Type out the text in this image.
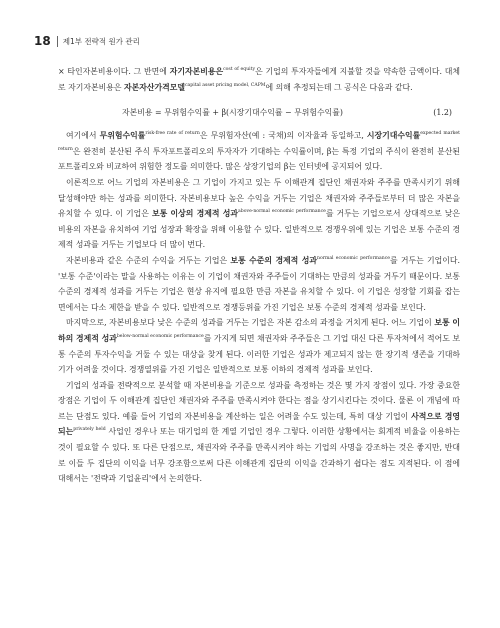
18 제1부 전략적 원가 관리

× 타인자본비용이다. 그 반면에 자기자본비용은$^{cost of equity}$은 기업의 투자자들에게 지불할 것을 약속한 금액이다. 대체로 자기자본비용은 자본자산가격모델$^{capital asset pricing model, CAPM}$에 의해 추정되는데 그 공식은 다음과 같다.

자본비용 = 무위험수익률 + β(시장기대수익률 − 무위험수익률)	(1.2)

여기에서 무위험수익률$^{risk-free rate of return}$은 무위험자산(예 : 국채)의 이자율과 동일하고, 시장기대수익률$^{expected market return}$은 완전히 분산된 주식 투자포트폴리오의 투자자가 기대하는 수익률이며, β는 특정 기업의 주식이 완전히 분산된 포트폴리오와 비교하여 위험한 정도를 의미한다. 많은 상장기업의 β는 인터넷에 공지되어 있다.

이론적으로 어느 기업의 자본비용은 그 기업이 가지고 있는 두 이해관계 집단인 채권자와 주주를 만족시키기 위해 달성해야만 하는 성과를 의미한다. 자본비용보다 높은 수익을 거두는 기업은 채권자와 주주들로부터 더 많은 자본을 유치할 수 있다. 이 기업은 보통 이상의 경제적 성과$^{above-normal economic performance}$를 거두는 기업으로서 상대적으로 낮은 비용의 자본을 유치하여 기업 성장과 확장을 위해 이용할 수 있다. 일반적으로 경쟁우위에 있는 기업은 보통 수준의 경제적 성과를 거두는 기업보다 더 많이 번다.

자본비용과 같은 수준의 수익을 거두는 기업은 보통 수준의 경제적 성과$^{normal economic performance}$를 거두는 기업이다. '보통 수준'이라는 말을 사용하는 이유는 이 기업이 채권자와 주주들이 기대하는 만큼의 성과를 거두기 때문이다. 보통 수준의 경제적 성과를 거두는 기업은 현상 유지에 필요한 만큼 자본을 유치할 수 있다. 이 기업은 성장할 기회를 잡는 면에서는 다소 제한을 받을 수 있다. 일반적으로 경쟁등위를 가진 기업은 보통 수준의 경제적 성과를 보인다.

마지막으로, 자본비용보다 낮은 수준의 성과를 거두는 기업은 자본 감소의 과정을 거치게 된다. 어느 기업이 보통 이하의 경제적 성과$^{below-normal economic performance}$를 가지게 되면 채권자와 주주들은 그 기업 대신 다른 투자처에서 적어도 보통 수준의 투자수익을 거둘 수 있는 대상을 찾게 된다. 이러한 기업은 성과가 제고되지 않는 한 장기적 생존을 기대하기가 어려울 것이다. 경쟁열위를 가진 기업은 일반적으로 보통 이하의 경제적 성과를 보인다.

기업의 성과를 전략적으로 분석할 때 자본비용을 기준으로 성과를 측정하는 것은 몇 가지 장점이 있다. 가장 중요한 장점은 기업이 두 이해관계 집단인 채권자와 주주를 만족시켜야 한다는 점을 상기시킨다는 것이다. 물론 이 개념에 따르는 단점도 있다. 예를 들어 기업의 자본비용을 계산하는 일은 어려울 수도 있는데, 특히 대상 기업이 사적으로 경영되는$^{privately held}$ 사업인 경우나 또는 대기업의 한 계열 기업인 경우 그렇다. 이러한 상황에서는 회계적 비율을 이용하는 것이 필요할 수 있다. 또 다른 단점으로, 채권자와 주주를 만족시켜야 하는 기업의 사명을 강조하는 것은 좋지만, 반대로 이들 두 집단의 이익을 너무 강조함으로써 다른 이해관계 집단의 이익을 간과하기 쉽다는 점도 지적된다. 이 점에 대해서는 '전략과 기업윤리'에서 논의한다.
